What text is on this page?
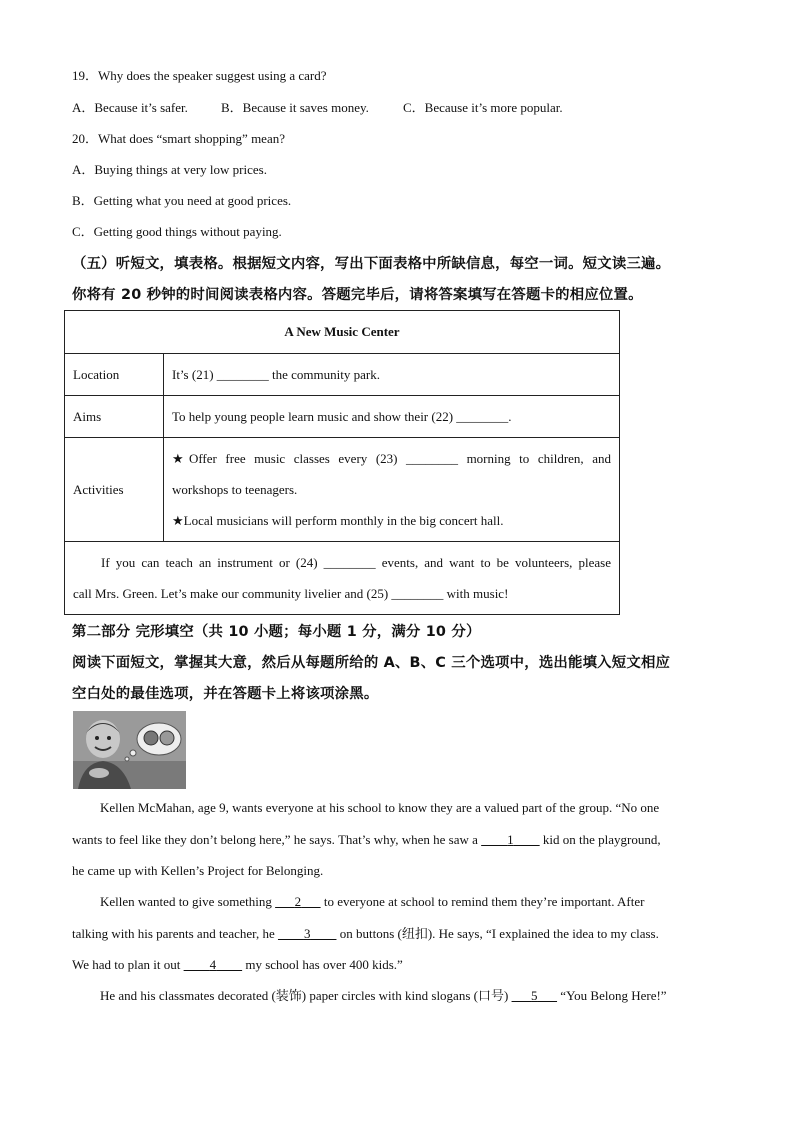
19．Why does the speaker suggest using a card?
A．Because it’s safer.	B．Because it saves money.	C．Because it’s more popular.
20．What does “smart shopping” mean?
A．Buying things at very low prices.
B．Getting what you need at good prices.
C．Getting good things without paying.
（五）听短文，填表格。根据短文内容，写出下面表格中所缺信息，每空一词。短文读三遍。
你将有 20 秒钟的时间阅读表格内容。答题完毕后，请将答案填写在答题卡的相应位置。
A New Music Center	
Location	It’s (21) ________ the community park.
Aims	To help young people learn music and show their (22) ________.
Activities	★Offer free music classes every (23) ________ morning to children, and
workshops to teenagers.
★Local musicians will perform monthly in the big concert hall.

If you can teach an instrument or (24) ________ events, and want to be volunteers, please
call Mrs. Green. Let’s make our community livelier and (25) ________ with music!	
第二部分 完形填空（共 10 小题；每小题 1 分，满分 10 分）
阅读下面短文，掌握其大意，然后从每题所给的 A、B、C 三个选项中，选出能填入短文相应
空白处的最佳选项，并在答题卡上将该项涂黑。
Kellen McMahan, age 9, wants everyone at his school to know they are a valued part of the group. “No one
wants to feel like they don’t belong here,” he says. That’s why, when he saw a     1     kid on the playground,
he came up with Kellen’s Project for Belonging.
Kellen wanted to give something    2    to everyone at school to remind them they’re important. After
talking with his parents and teacher, he     3     on buttons (纽扣). He says, “I explained the idea to my class.
We had to plan it out     4     my school has over 400 kids.”
He and his classmates decorated (装饰) paper circles with kind slogans (口号)    5    “You Belong Here!”
